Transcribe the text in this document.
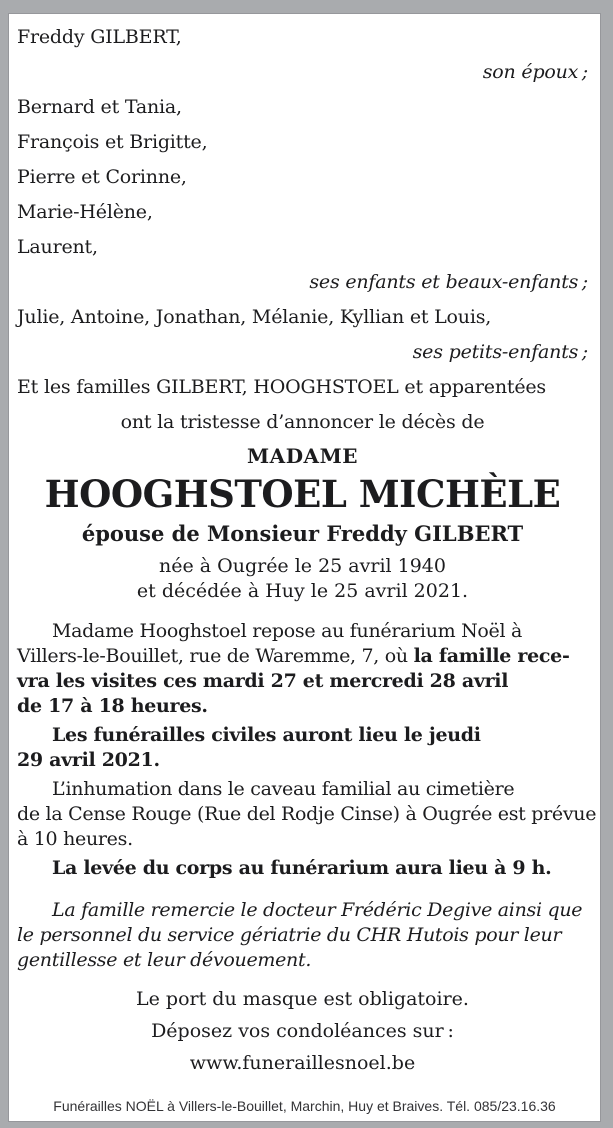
Freddy GILBERT,
son époux ;
Bernard et Tania,
François et Brigitte,
Pierre et Corinne,
Marie-Hélène,
Laurent,
ses enfants et beaux-enfants ;
Julie, Antoine, Jonathan, Mélanie, Kyllian et Louis,
ses petits-enfants ;
Et les familles GILBERT, HOOGHSTOEL et apparentées
ont la tristesse d’annoncer le décès de
MADAME
HOOGHSTOEL MICHÈLE
épouse de Monsieur Freddy GILBERT
née à Ougrée le 25 avril 1940
et décédée à Huy le 25 avril 2021.
Madame Hooghstoel repose au funérarium Noël à
Villers-le-Bouillet, rue de Waremme, 7, où la famille rece-
vra les visites ces mardi 27 et mercredi 28 avril
de 17 à 18 heures.
Les funérailles civiles auront lieu le jeudi
29 avril 2021.
L’inhumation dans le caveau familial au cimetière
de la Cense Rouge (Rue del Rodje Cinse) à Ougrée est prévue
à 10 heures.
La levée du corps au funérarium aura lieu à 9 h.
La famille remercie le docteur Frédéric Degive ainsi que
le personnel du service gériatrie du CHR Hutois pour leur
gentillesse et leur dévouement.
Le port du masque est obligatoire.
Déposez vos condoléances sur :
www.funeraillesnoel.be
Funérailles NOËL à Villers-le-Bouillet, Marchin, Huy et Braives. Tél. 085/23.16.36
